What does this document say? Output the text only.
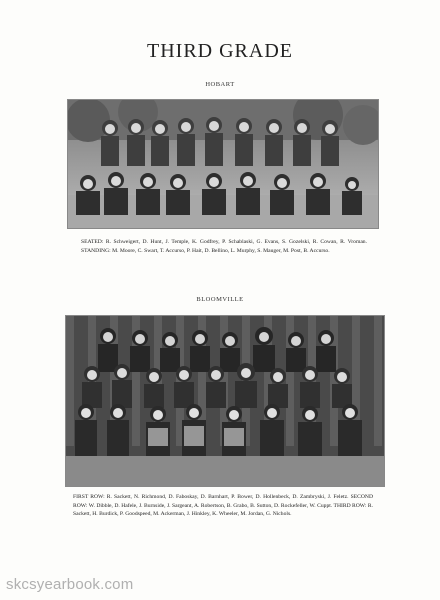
THIRD GRADE
HOBART
SEATED: R. Schweigert, D. Hunt, J. Temple, K. Godfrey, P. Schablaski, G. Evans, S. Gozelski, R. Cowan, R. Vroman. STANDING: M. Moore, C. Swart, T. Accurso, P. Hait, D. Bellino, L. Murphy, S. Mauger, M. Post, B. Accurso.
BLOOMVILLE
FIRST ROW: R. Sackett, N. Richmond, D. Faboskay, D. Barnhart, P. Bower, D. Hollenbeck, D. Zambryski, J. Feletz. SECOND ROW: W. Dibble, D. Hafele, J. Burnside, J. Sargeant, A. Robertson, B. Grabo, B. Sutton, D. Rockefeller, W. Cuppt. THIRD ROW: R. Sackett, H. Burdick, P. Goodspeed, M. Ackerman, J. Hinkley, K. Wheeler, M. Jordan, G. Nichols.
skcsyearbook.com
